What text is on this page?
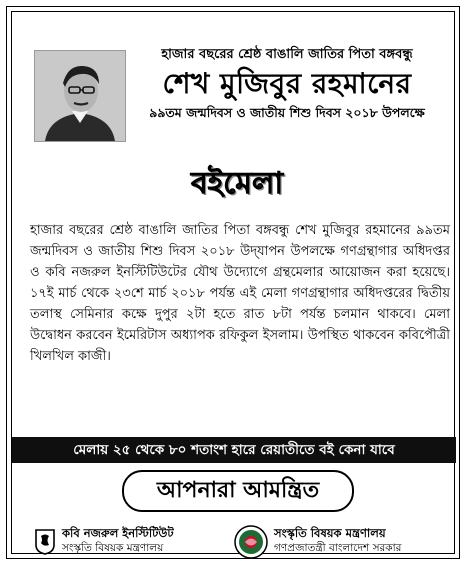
হাজার বছরের শ্রেষ্ঠ বাঙালি জাতির পিতা বঙ্গবন্ধু
শেখ মুজিবুর রহমানের
৯৯তম জন্মদিবস ও জাতীয় শিশু দিবস ২০১৮ উপলক্ষে
বইমেলা
হাজার বছরের শ্রেষ্ঠ বাঙালি জাতির পিতা বঙ্গবন্ধু শেখ মুজিবুর রহমানের ৯৯তম জন্মদিবস ও জাতীয় শিশু দিবস ২০১৮ উদ্‌যাপন উপলক্ষে গণগ্রন্থাগার অধিদপ্তর ও কবি নজরুল ইনস্টিটিউটের যৌথ উদ্যোগে গ্রন্থমেলার আয়োজন করা হয়েছে। ১৭ই মার্চ থেকে ২৩শে মার্চ ২০১৮ পর্যন্ত এই মেলা গণগ্রন্থাগার অধিদপ্তরের দ্বিতীয় তলাস্থ সেমিনার কক্ষে দুপুর ২টা হতে রাত ৮টা পর্যন্ত চলমান থাকবে। মেলা উদ্বোধন করবেন ইমেরিটাস অধ্যাপক রফিকুল ইসলাম। উপস্থিত থাকবেন কবিপৌত্রী খিলখিল কাজী।
মেলায় ২৫ থেকে ৮০ শতাংশ হারে রেয়াতীতে বই কেনা যাবে
আপনারা আমন্ত্রিত
কবি নজরুল ইনস্টিটিউট
সংস্কৃতি বিষয়ক মন্ত্রণালয়
সংস্কৃতি বিষয়ক মন্ত্রণালয়
গণপ্রজাতন্ত্রী বাংলাদেশ সরকার
